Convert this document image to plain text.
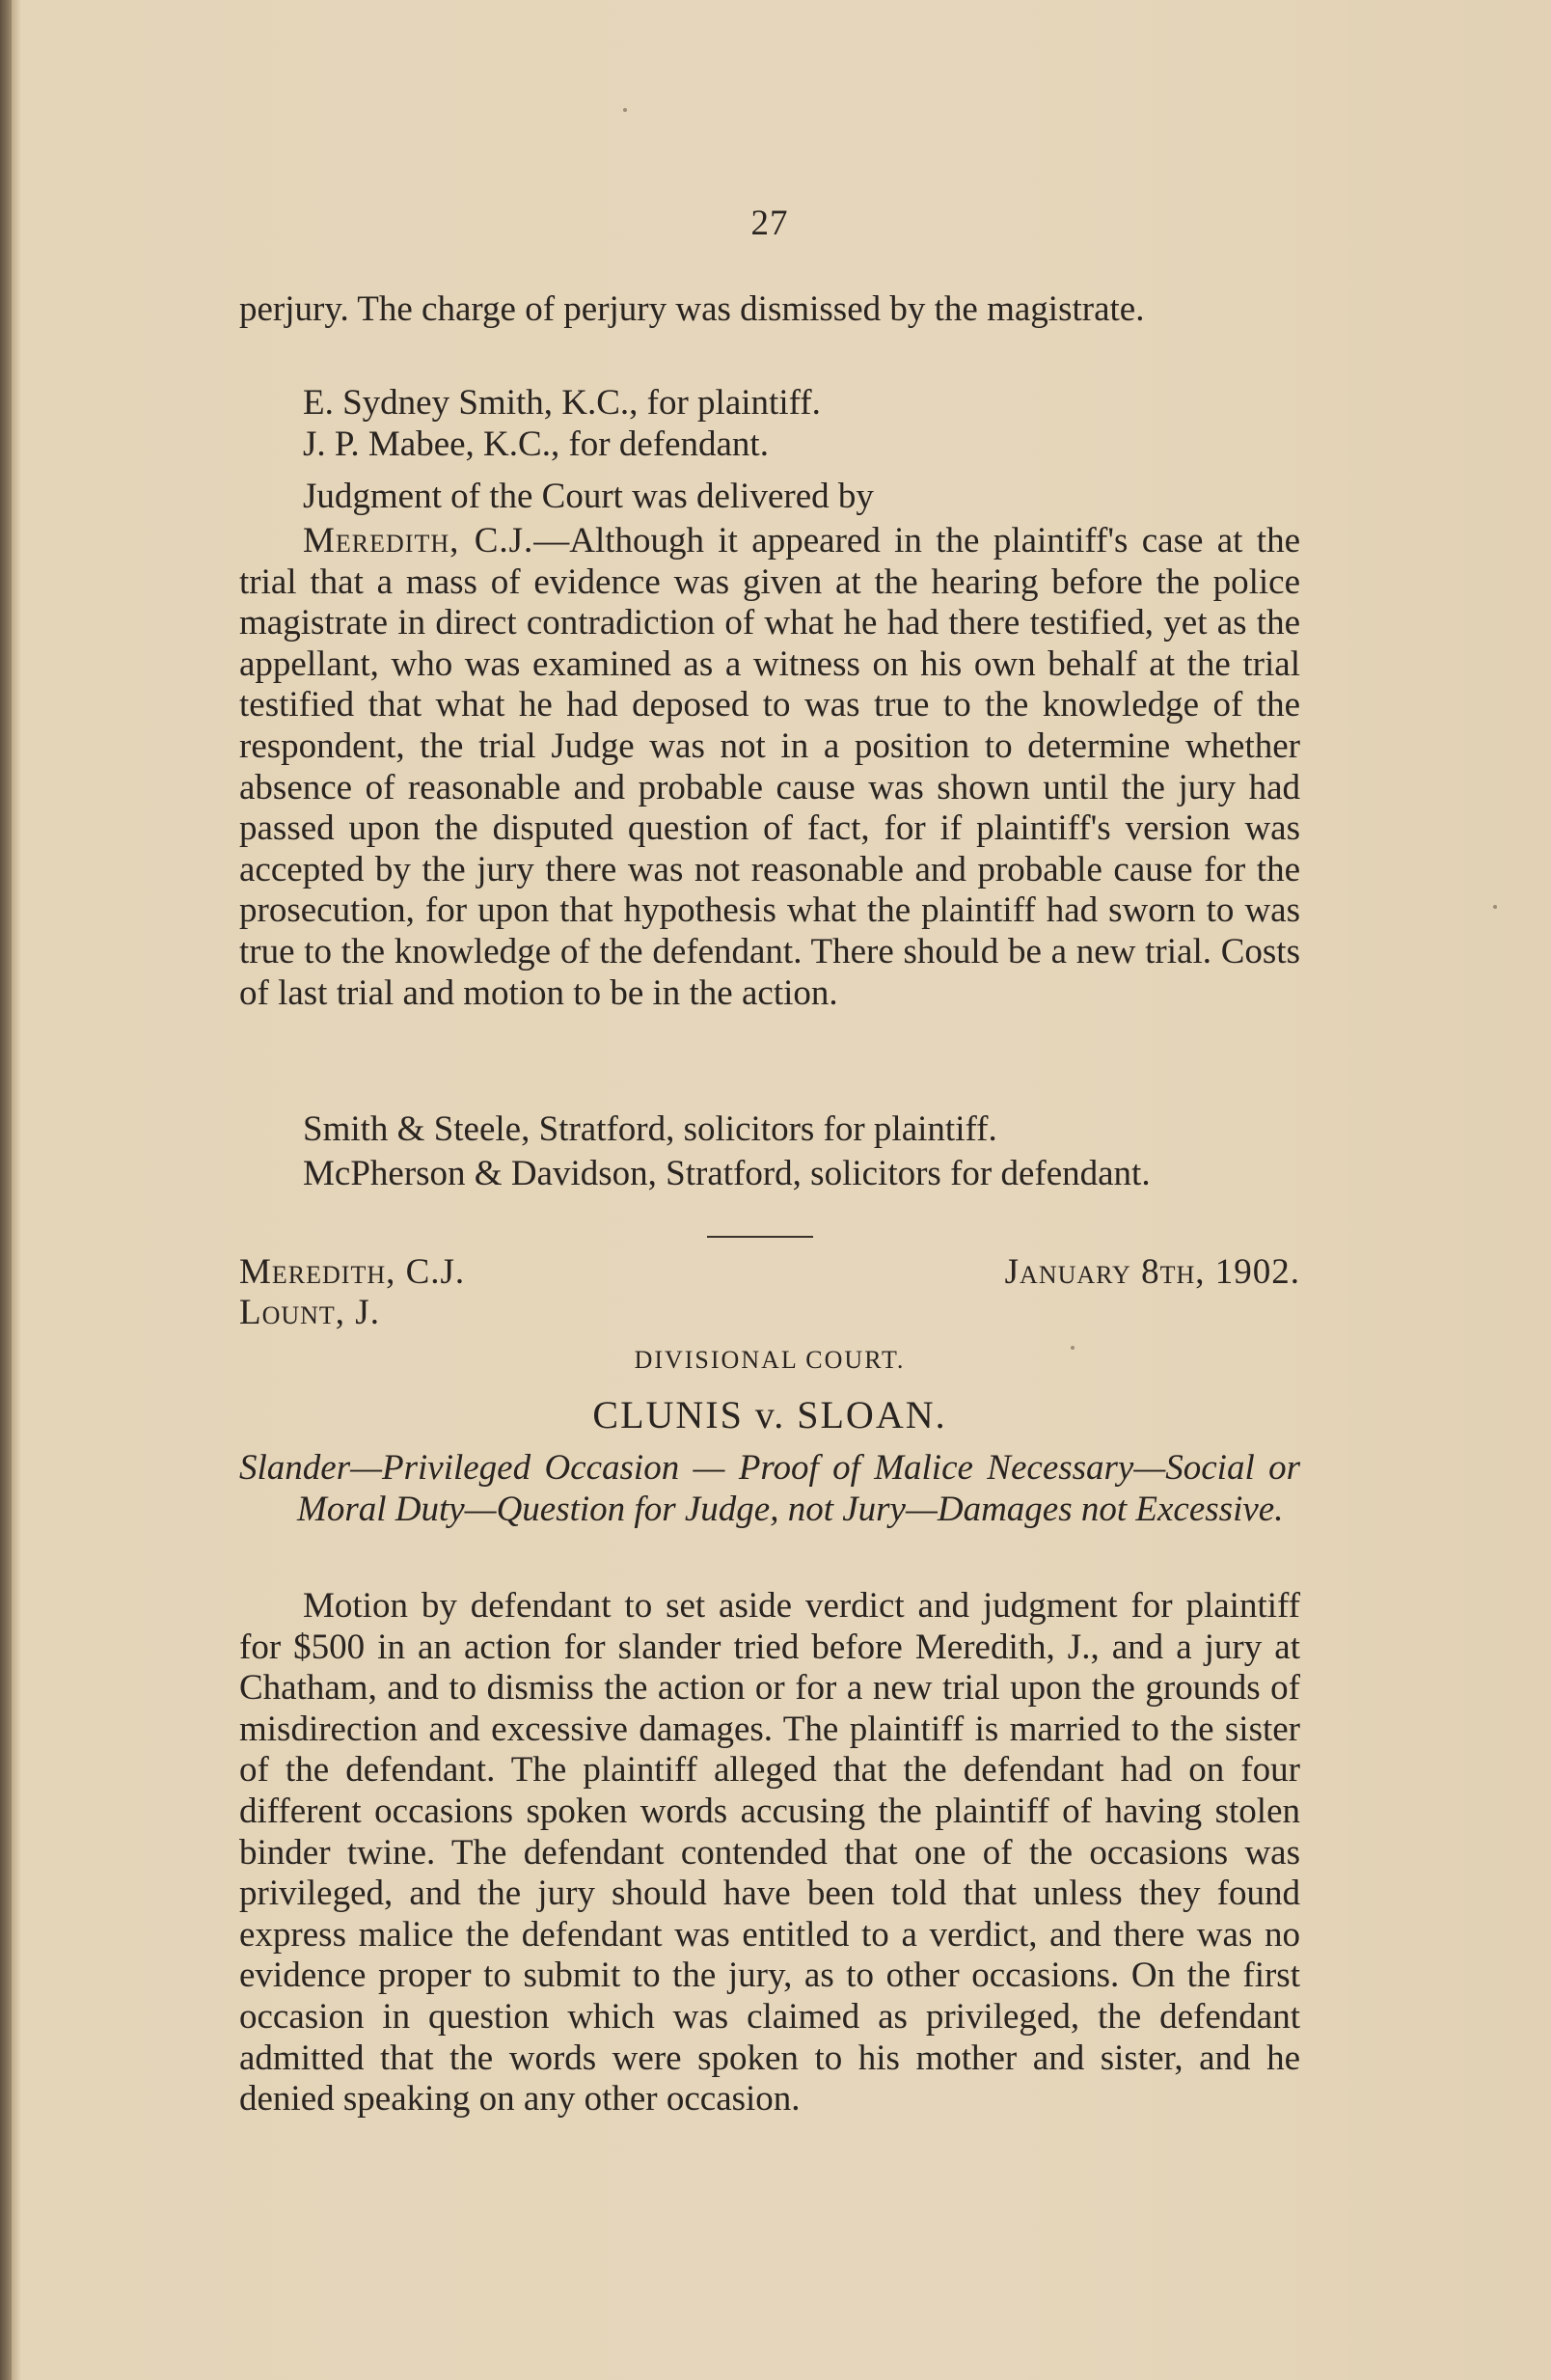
27
perjury. The charge of perjury was dismissed by the magistrate.
E. Sydney Smith, K.C., for plaintiff.
J. P. Mabee, K.C., for defendant.
Judgment of the Court was delivered by
Meredith, C.J.—Although it appeared in the plaintiff's case at the trial that a mass of evidence was given at the hearing before the police magistrate in direct contradiction of what he had there testified, yet as the appellant, who was examined as a witness on his own behalf at the trial testified that what he had deposed to was true to the knowledge of the respondent, the trial Judge was not in a position to determine whether absence of reasonable and probable cause was shown until the jury had passed upon the disputed question of fact, for if plaintiff's version was accepted by the jury there was not reasonable and probable cause for the prosecution, for upon that hypothesis what the plaintiff had sworn to was true to the knowledge of the defendant. There should be a new trial. Costs of last trial and motion to be in the action.
Smith & Steele, Stratford, solicitors for plaintiff.
McPherson & Davidson, Stratford, solicitors for defendant.
Meredith, C.J.
Lount, J.
January 8th, 1902.
DIVISIONAL COURT.
CLUNIS v. SLOAN.
Slander—Privileged Occasion — Proof of Malice Necessary—Social or Moral Duty—Question for Judge, not Jury—Damages not Excessive.
Motion by defendant to set aside verdict and judgment for plaintiff for $500 in an action for slander tried before Meredith, J., and a jury at Chatham, and to dismiss the action or for a new trial upon the grounds of misdirection and excessive damages. The plaintiff is married to the sister of the defendant. The plaintiff alleged that the defendant had on four different occasions spoken words accusing the plaintiff of having stolen binder twine. The defendant contended that one of the occasions was privileged, and the jury should have been told that unless they found express malice the defendant was entitled to a verdict, and there was no evidence proper to submit to the jury, as to other occasions. On the first occasion in question which was claimed as privileged, the defendant admitted that the words were spoken to his mother and sister, and he denied speaking on any other occasion.
